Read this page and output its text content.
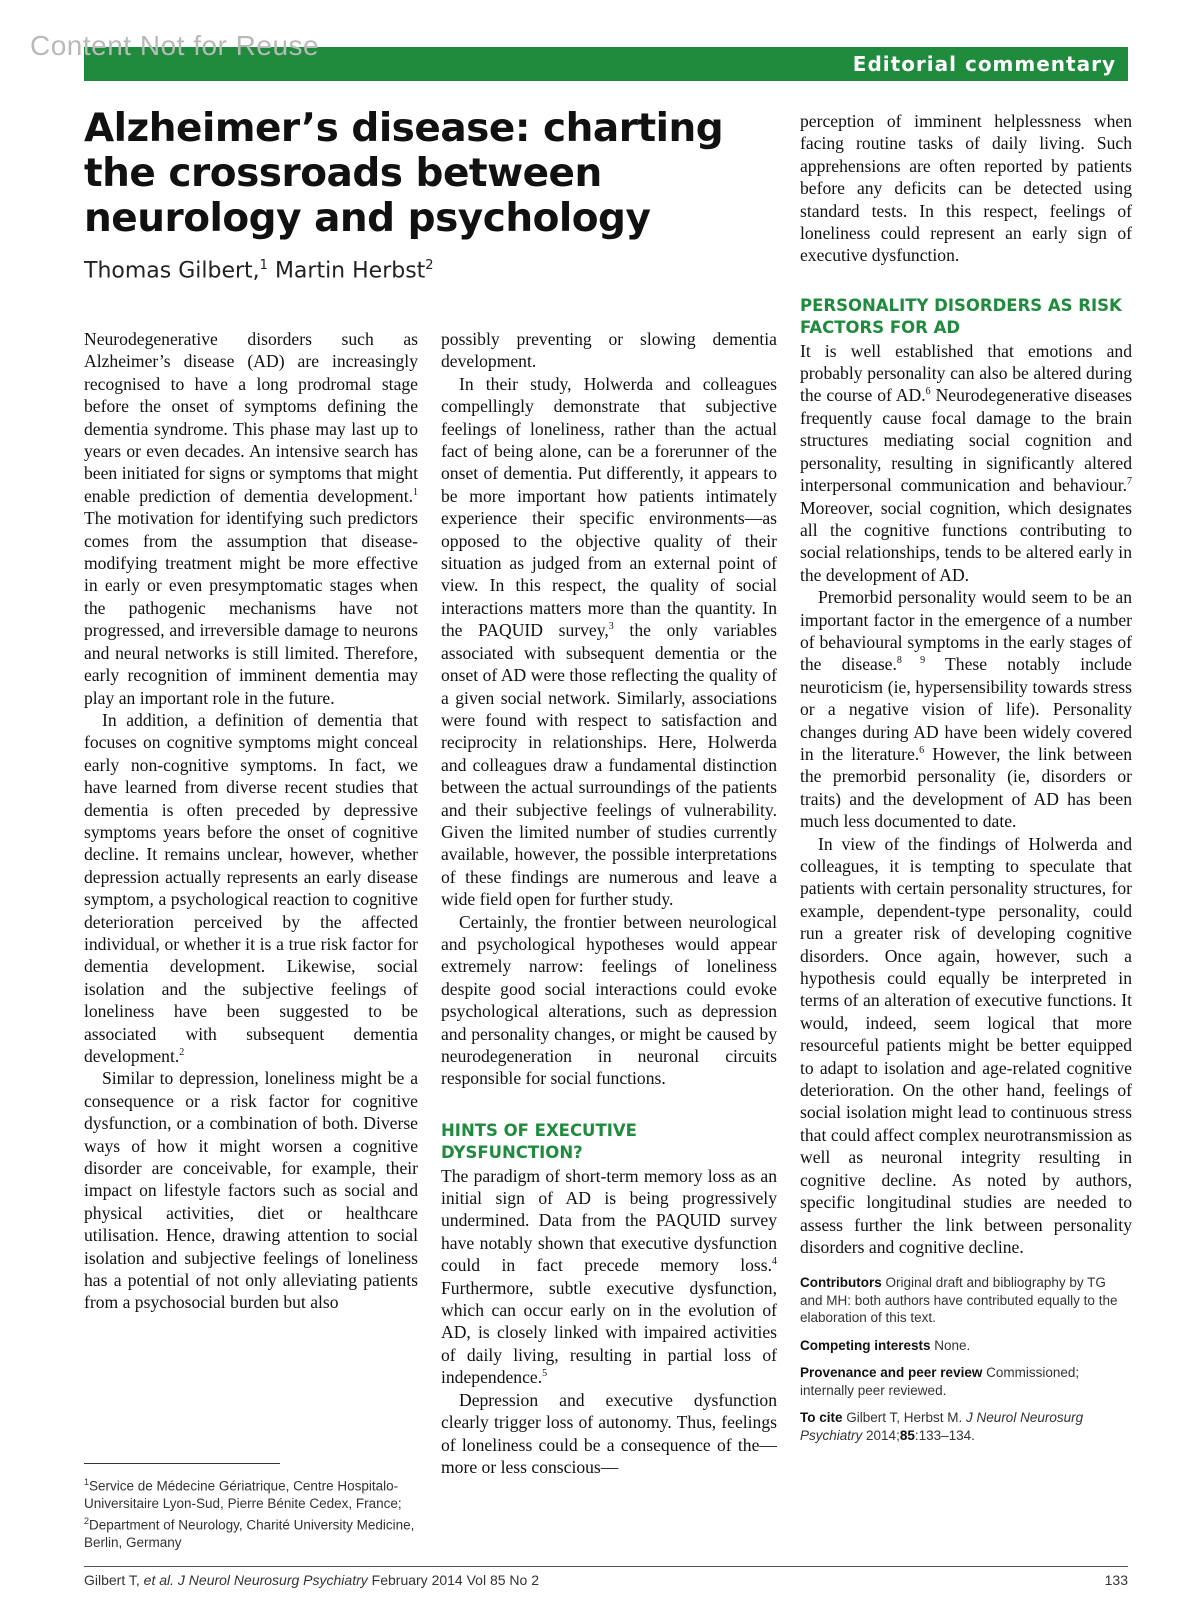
Content Not for Reuse
Editorial commentary
Alzheimer’s disease: charting the crossroads between neurology and psychology
Thomas Gilbert,$^1$ Martin Herbst$^2$

Neurodegenerative disorders such as Alzheimer’s disease (AD) are increasingly recognised to have a long prodromal stage before the onset of symptoms defining the dementia syndrome. This phase may last up to years or even decades. An intensive search has been initiated for signs or symptoms that might enable prediction of dementia development.$^1$ The motivation for identifying such predictors comes from the assumption that disease-modifying treatment might be more effective in early or even presymptomatic stages when the pathogenic mechanisms have not progressed, and irreversible damage to neurons and neural networks is still limited. Therefore, early recognition of imminent dementia may play an important role in the future.

In addition, a definition of dementia that focuses on cognitive symptoms might conceal early non-cognitive symptoms. In fact, we have learned from diverse recent studies that dementia is often preceded by depressive symptoms years before the onset of cognitive decline. It remains unclear, however, whether depression actually represents an early disease symptom, a psychological reaction to cognitive deterioration perceived by the affected individual, or whether it is a true risk factor for dementia development. Likewise, social isolation and the subjective feelings of loneliness have been suggested to be associated with subsequent dementia development.$^2$

Similar to depression, loneliness might be a consequence or a risk factor for cognitive dysfunction, or a combination of both. Diverse ways of how it might worsen a cognitive disorder are conceivable, for example, their impact on lifestyle factors such as social and physical activities, diet or healthcare utilisation. Hence, drawing attention to social isolation and subjective feelings of loneliness has a potential of not only alleviating patients from a psychosocial burden but also

possibly preventing or slowing dementia development.

In their study, Holwerda and colleagues compellingly demonstrate that subjective feelings of loneliness, rather than the actual fact of being alone, can be a forerunner of the onset of dementia. Put differently, it appears to be more important how patients intimately experience their specific environments—as opposed to the objective quality of their situation as judged from an external point of view. In this respect, the quality of social interactions matters more than the quantity. In the PAQUID survey,$^3$ the only variables associated with subsequent dementia or the onset of AD were those reflecting the quality of a given social network. Similarly, associations were found with respect to satisfaction and reciprocity in relationships. Here, Holwerda and colleagues draw a fundamental distinction between the actual surroundings of the patients and their subjective feelings of vulnerability. Given the limited number of studies currently available, however, the possible interpretations of these findings are numerous and leave a wide field open for further study.

Certainly, the frontier between neurological and psychological hypotheses would appear extremely narrow: feelings of loneliness despite good social interactions could evoke psychological alterations, such as depression and personality changes, or might be caused by neurodegeneration in neuronal circuits responsible for social functions.

HINTS OF EXECUTIVE DYSFUNCTION?

The paradigm of short-term memory loss as an initial sign of AD is being progressively undermined. Data from the PAQUID survey have notably shown that executive dysfunction could in fact precede memory loss.$^4$ Furthermore, subtle executive dysfunction, which can occur early on in the evolution of AD, is closely linked with impaired activities of daily living, resulting in partial loss of independence.$^5$

Depression and executive dysfunction clearly trigger loss of autonomy. Thus, feelings of loneliness could be a consequence of the—more or less conscious—

perception of imminent helplessness when facing routine tasks of daily living. Such apprehensions are often reported by patients before any deficits can be detected using standard tests. In this respect, feelings of loneliness could represent an early sign of executive dysfunction.

PERSONALITY DISORDERS AS RISK FACTORS FOR AD

It is well established that emotions and probably personality can also be altered during the course of AD.$^6$ Neurodegenerative diseases frequently cause focal damage to the brain structures mediating social cognition and personality, resulting in significantly altered interpersonal communication and behaviour.$^7$ Moreover, social cognition, which designates all the cognitive functions contributing to social relationships, tends to be altered early in the development of AD.

Premorbid personality would seem to be an important factor in the emergence of a number of behavioural symptoms in the early stages of the disease.$^{8 9}$ These notably include neuroticism (ie, hypersensibility towards stress or a negative vision of life). Personality changes during AD have been widely covered in the literature.$^6$ However, the link between the premorbid personality (ie, disorders or traits) and the development of AD has been much less documented to date.

In view of the findings of Holwerda and colleagues, it is tempting to speculate that patients with certain personality structures, for example, dependent-type personality, could run a greater risk of developing cognitive disorders. Once again, however, such a hypothesis could equally be interpreted in terms of an alteration of executive functions. It would, indeed, seem logical that more resourceful patients might be better equipped to adapt to isolation and age-related cognitive deterioration. On the other hand, feelings of social isolation might lead to continuous stress that could affect complex neurotransmission as well as neuronal integrity resulting in cognitive decline. As noted by authors, specific longitudinal studies are needed to assess further the link between personality disorders and cognitive decline.

Contributors Original draft and bibliography by TG and MH: both authors have contributed equally to the elaboration of this text.
Competing interests None.
Provenance and peer review Commissioned; internally peer reviewed.
To cite Gilbert T, Herbst M. J Neurol Neurosurg Psychiatry 2014;85:133–134.
$^1$Service de Médecine Gériatrique, Centre Hospitalo-Universitaire Lyon-Sud, Pierre Bénite Cedex, France;
$^2$Department of Neurology, Charité University Medicine, Berlin, Germany
Gilbert T, et al. J Neurol Neurosurg Psychiatry February 2014 Vol 85 No 2	133
